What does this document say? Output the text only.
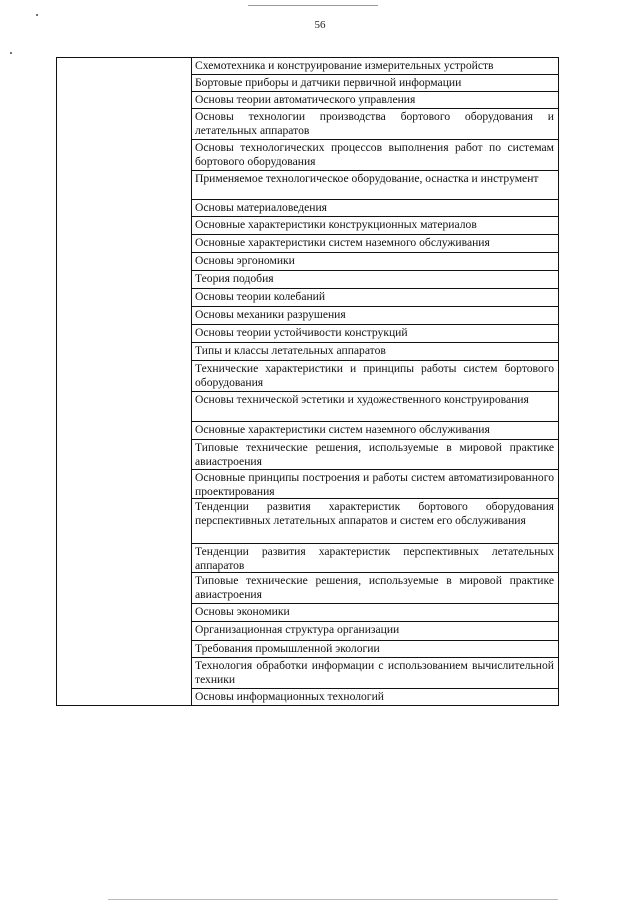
56
Схемотехника и конструирование измерительных устройств
Бортовые приборы и датчики первичной информации
Основы теории автоматического управления
Основы технологии производства бортового оборудования и летательных аппаратов
Основы технологических процессов выполнения работ по системам бортового оборудования
Применяемое технологическое оборудование, оснастка и инструмент
Основы материаловедения
Основные характеристики конструкционных материалов
Основные характеристики систем наземного обслуживания
Основы эргономики
Теория подобия
Основы теории колебаний
Основы механики разрушения
Основы теории устойчивости конструкций
Типы и классы летательных аппаратов
Технические характеристики и принципы работы систем бортового оборудования
Основы технической эстетики и художественного конструирования
Основные характеристики систем наземного обслуживания
Типовые технические решения, используемые в мировой практике авиастроения
Основные принципы построения и работы систем автоматизированного проектирования
Тенденции развития характеристик бортового оборудования перспективных летательных аппаратов и систем его обслуживания
Тенденции развития характеристик перспективных летательных аппаратов
Типовые технические решения, используемые в мировой практике авиастроения
Основы экономики
Организационная структура организации
Требования промышленной экологии
Технология обработки информации с использованием вычислительной техники
Основы информационных технологий
